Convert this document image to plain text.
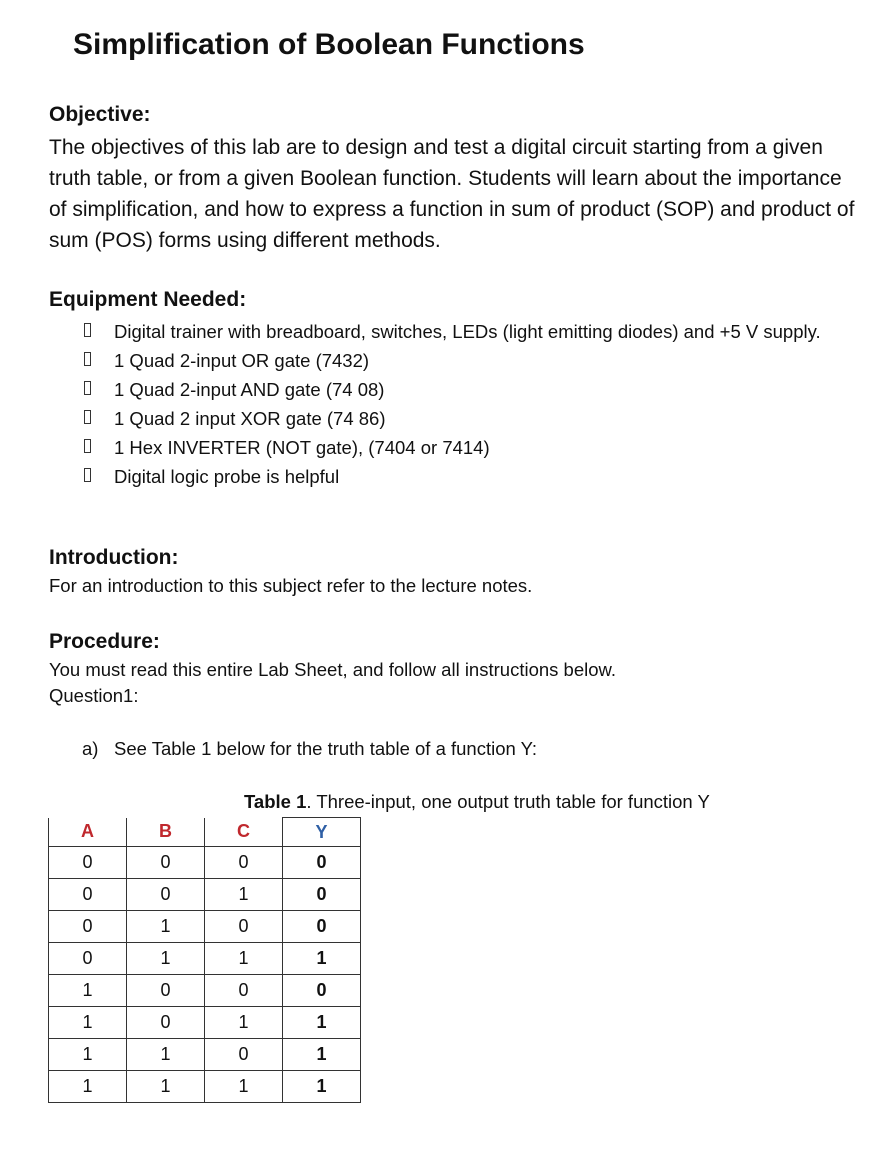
Simplification of Boolean Functions
Objective:
The objectives of this lab are to design and test a digital circuit starting from a given truth table, or from a given Boolean function. Students will learn about the importance of simplification, and how to express a function in sum of product (SOP) and product of sum (POS) forms using different methods.
Equipment Needed:
Digital trainer with breadboard, switches, LEDs (light emitting diodes) and +5 V supply.
1 Quad 2-input OR gate (7432)
1 Quad 2-input AND gate (74 08)
1 Quad 2 input XOR gate (74 86)
1 Hex INVERTER (NOT gate), (7404 or 7414)
Digital logic probe is helpful
Introduction:
For an introduction to this subject refer to the lecture notes.
Procedure:
You must read this entire Lab Sheet, and follow all instructions below.
Question1:
a) See Table 1 below for the truth table of a function Y:
Table 1. Three-input, one output truth table for function Y
A	B	C	Y
0	0	0	0
0	0	1	0
0	1	0	0
0	1	1	1
1	0	0	0
1	0	1	1
1	1	0	1
1	1	1	1
